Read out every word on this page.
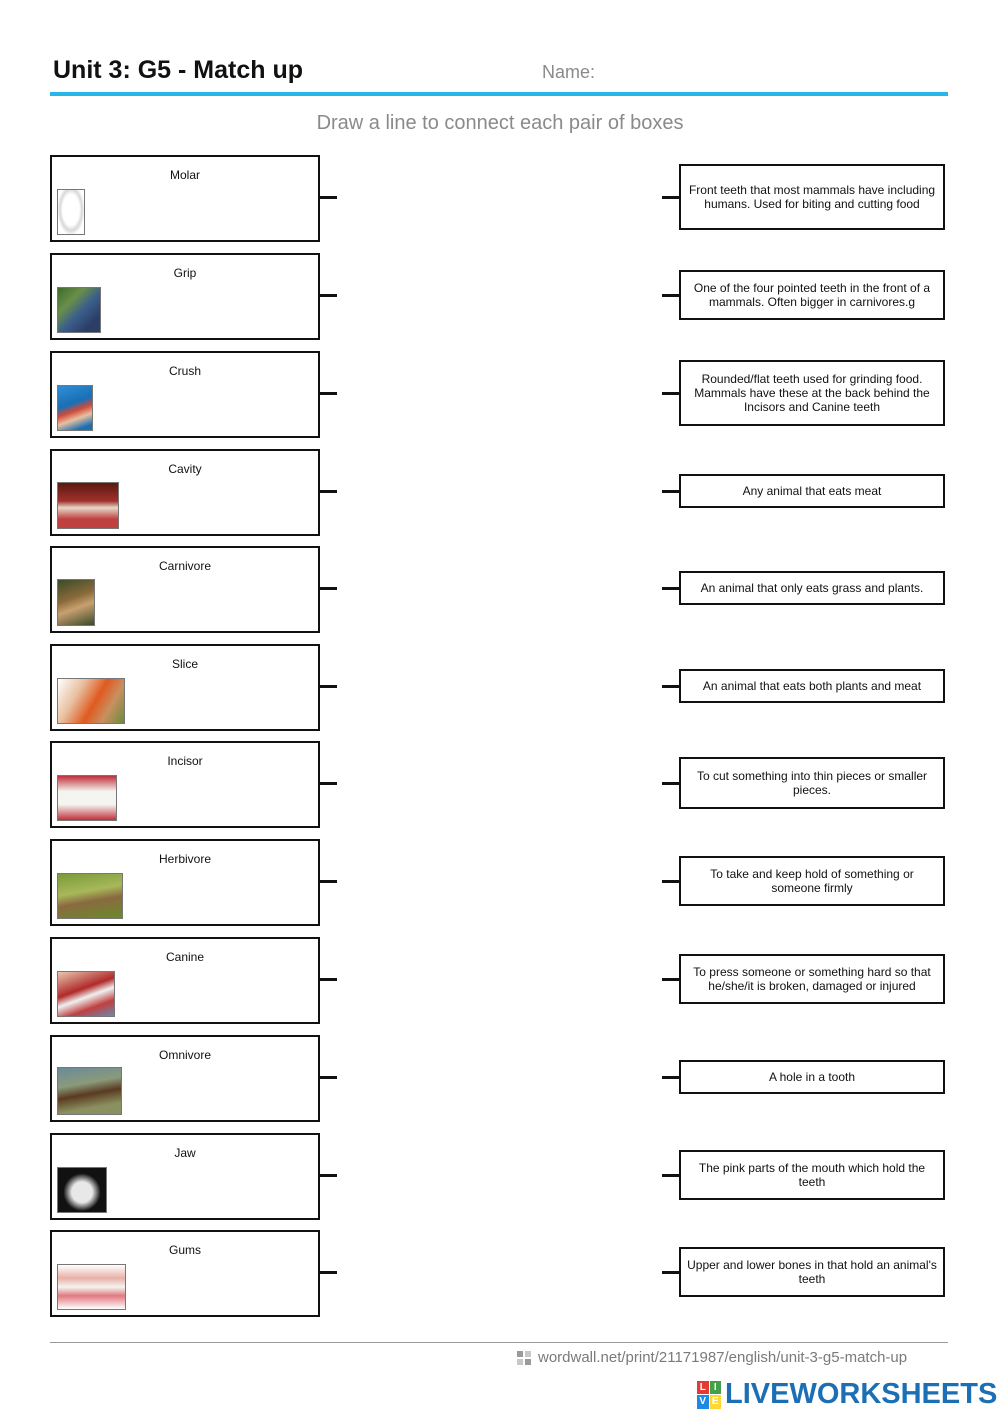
Unit 3: G5 - Match up	Name:
Draw a line to connect each pair of boxes
Molar
Front teeth that most mammals have including humans. Used for biting and cutting food
Grip
One of the four pointed teeth in the front of a mammals. Often bigger in carnivores.g
Crush
Rounded/flat teeth used for grinding food. Mammals have these at the back behind the Incisors and Canine teeth
Cavity
Any animal that eats meat
Carnivore
An animal that only eats grass and plants.
Slice
An animal that eats both plants and meat
Incisor
To cut something into thin pieces or smaller pieces.
Herbivore
To take and keep hold of something or someone firmly
Canine
To press someone or something hard so that he/she/it is broken, damaged or injured
Omnivore
A hole in a tooth
Jaw
The pink parts of the mouth which hold the teeth
Gums
Upper and lower bones in that hold an animal's teeth
wordwall.net/print/21171987/english/unit-3-g5-match-up
L I
V E LIVEWORKSHEETS
